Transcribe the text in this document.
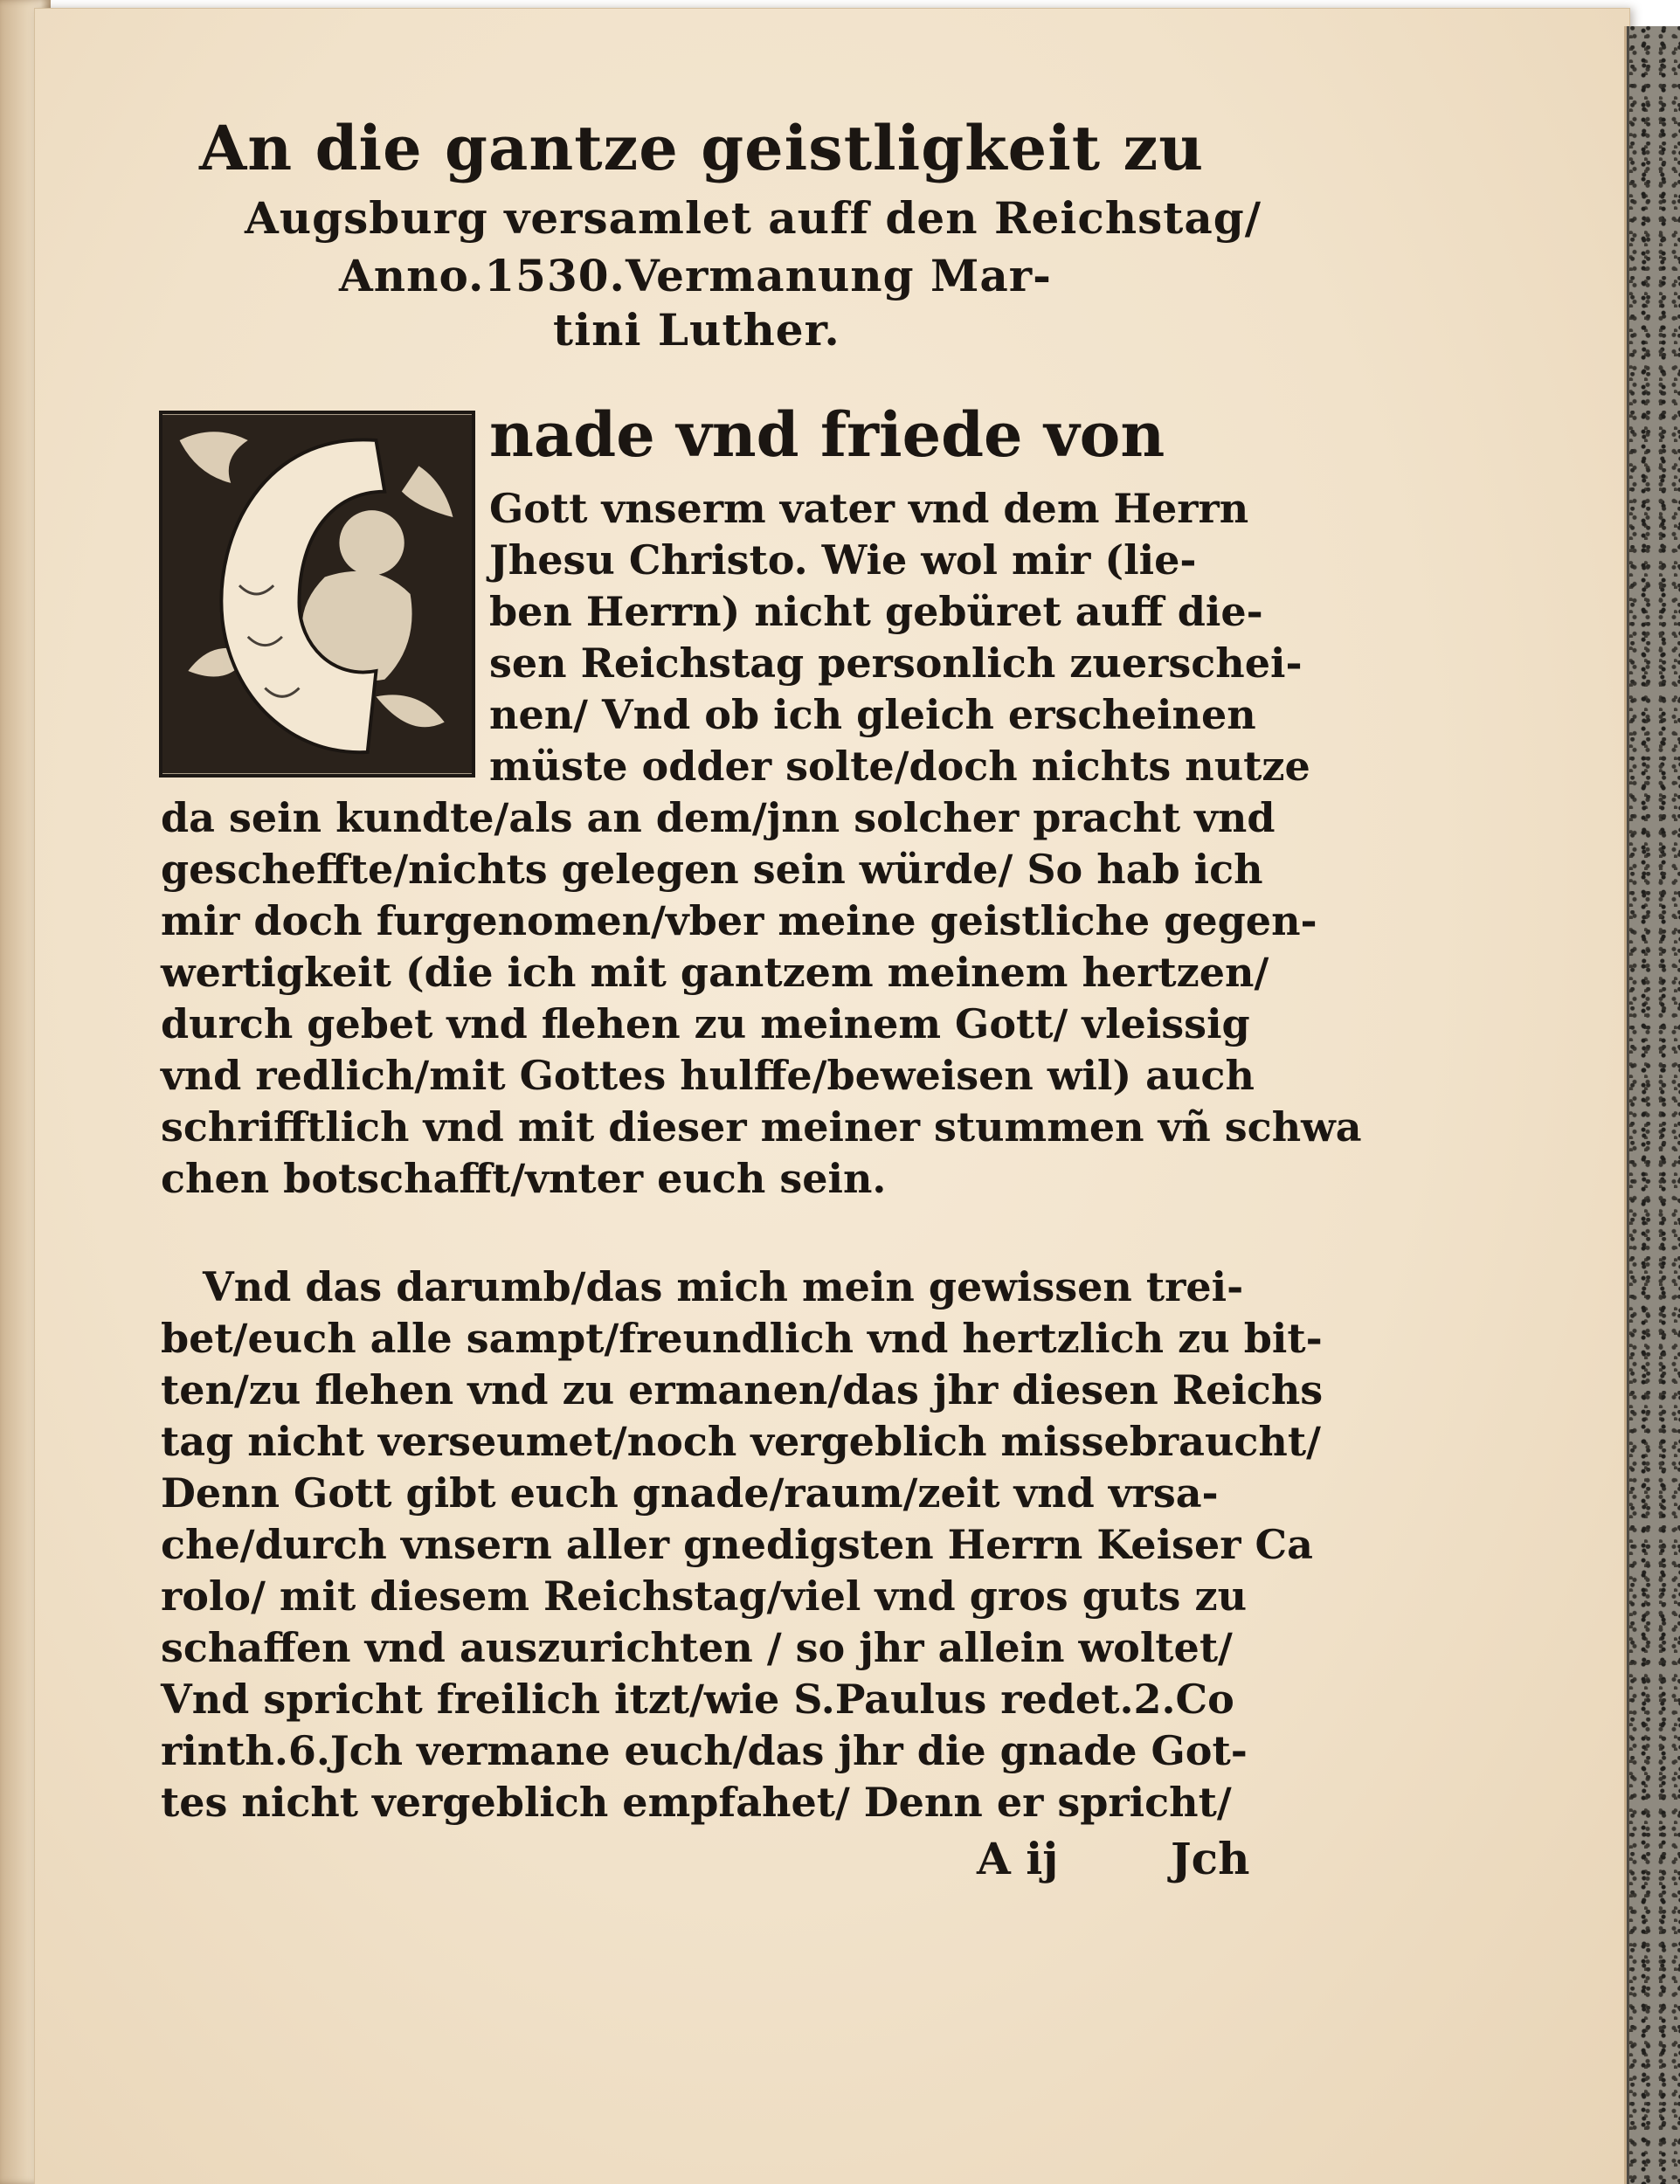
An die gantze geistligkeit zu
Augsburg versamlet auff den Reichstag/
Anno.1530.Vermanung Mar-
tini Luther.
nade vnd friede von
Gott vnserm vater vnd dem Herrn
Jhesu Christo. Wie wol mir (lie-
ben Herrn) nicht gebüret auff die-
sen Reichstag personlich zuerschei-
nen/ Vnd ob ich gleich erscheinen
müste odder solte/doch nichts nutze
da sein kundte/als an dem/jnn solcher pracht vnd
gescheffte/nichts gelegen sein würde/ So hab ich
mir doch furgenomen/vber meine geistliche gegen-
wertigkeit (die ich mit gantzem meinem hertzen/
durch gebet vnd flehen zu meinem Gott/ vleissig
vnd redlich/mit Gottes hulffe/beweisen wil) auch
schrifftlich vnd mit dieser meiner stummen vñ schwa
chen botschafft/vnter euch sein.
Vnd das darumb/das mich mein gewissen trei-
bet/euch alle sampt/freundlich vnd hertzlich zu bit-
ten/zu flehen vnd zu ermanen/das jhr diesen Reichs
tag nicht verseumet/noch vergeblich missebraucht/
Denn Gott gibt euch gnade/raum/zeit vnd vrsa-
che/durch vnsern aller gnedigsten Herrn Keiser Ca
rolo/ mit diesem Reichstag/viel vnd gros guts zu
schaffen vnd auszurichten / so jhr allein woltet/
Vnd spricht freilich itzt/wie S.Paulus redet.2.Co
rinth.6.Jch vermane euch/das jhr die gnade Got-
tes nicht vergeblich empfahet/ Denn er spricht/
A ij	Jch
